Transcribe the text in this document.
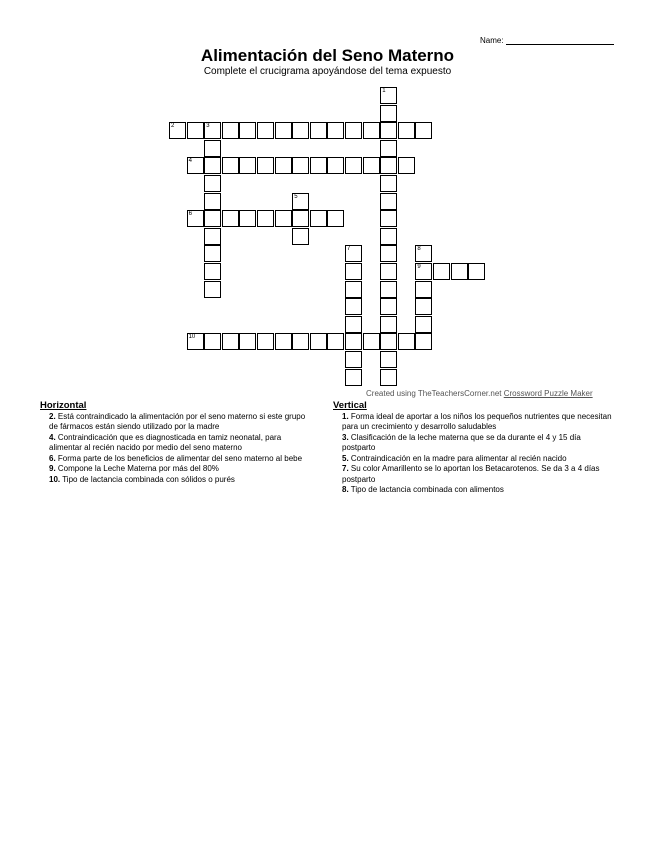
Name:
Alimentación del Seno Materno
Complete el crucigrama apoyándose del tema expuesto
1
2	3
4
5
6
7	8
9
10
Created using TheTeachersCorner.net Crossword Puzzle Maker
Horizontal
2. Está contraindicado la alimentación por el seno materno si este grupo de fármacos están siendo utilizado por la madre
4. Contraindicación que es diagnosticada en tamiz neonatal, para alimentar al recién nacido por medio del seno materno
6. Forma parte de los beneficios de alimentar del seno materno al bebe
9. Compone la Leche Materna por más del 80%
10. Tipo de lactancia combinada con sólidos o purés
Vertical
1. Forma ideal de aportar a los niños los pequeños nutrientes que necesitan para un crecimiento y desarrollo saludables
3. Clasificación de la leche materna que se da durante el 4 y 15 día postparto
5. Contraindicación en la madre para alimentar al recién nacido
7. Su color Amarillento se lo aportan los Betacarotenos. Se da 3 a 4 días postparto
8. Tipo de lactancia combinada con alimentos
